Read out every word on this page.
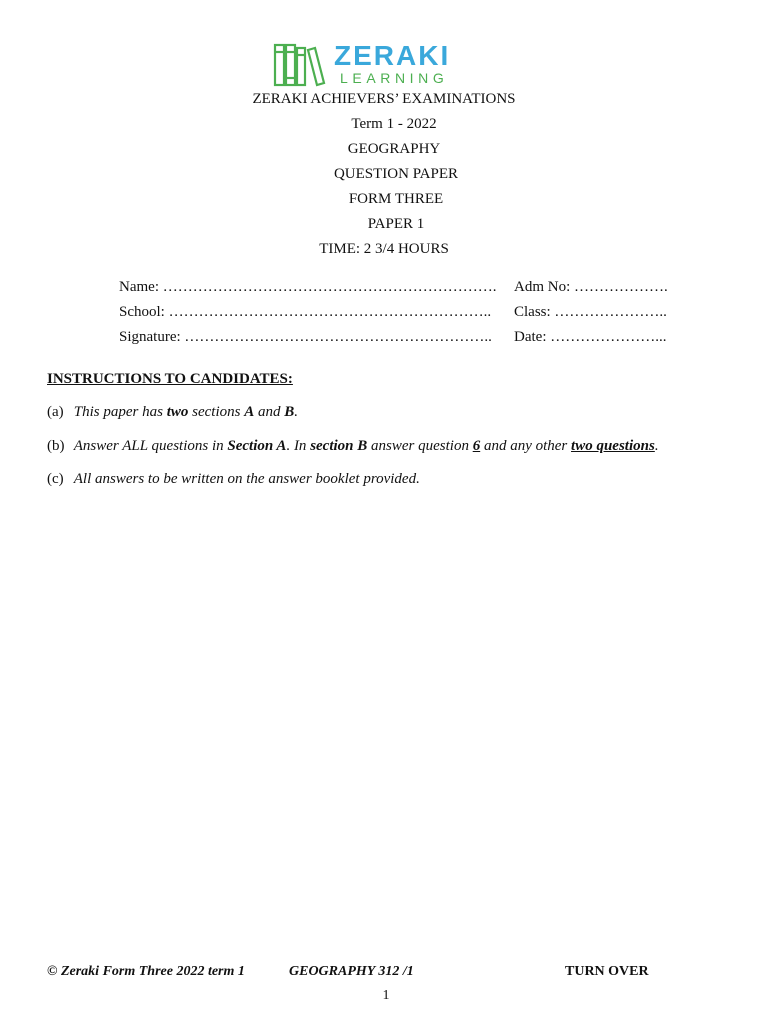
ZERAKI
LEARNING
ZERAKI ACHIEVERS’ EXAMINATIONS
Term 1 - 2022
GEOGRAPHY
QUESTION PAPER
FORM THREE
PAPER 1
TIME: 2 3/4 HOURS
Name: …………………………………………………………. Adm No: ……………….
School: ……………………………………………………….. Class: …………………..
Signature: …………………………………………………….. Date: …………………...
INSTRUCTIONS TO CANDIDATES:
(a) This paper has two sections A and B.
(b) Answer ALL questions in Section A. In section B answer question 6 and any other two questions.
(c) All answers to be written on the answer booklet provided.
© Zeraki Form Three 2022 term 1	GEOGRAPHY 312 /1	TURN OVER
1
